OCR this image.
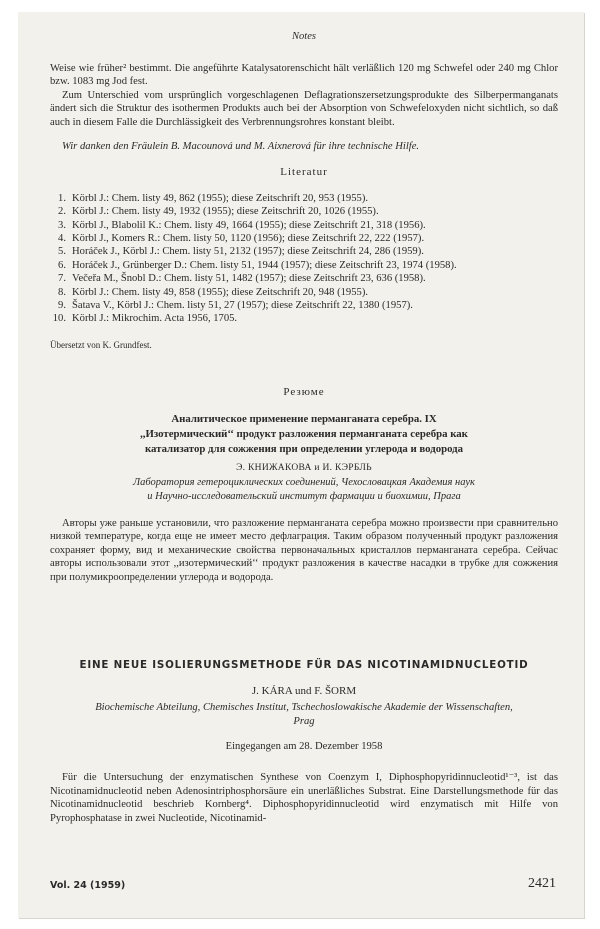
Notes

Weise wie früher² bestimmt. Die angeführte Katalysatorenschicht hält verläßlich 120 mg Schwefel oder 240 mg Chlor bzw. 1083 mg Jod fest.

Zum Unterschied vom ursprünglich vorgeschlagenen Deflagrationszersetzungsprodukte des Silberpermanganats ändert sich die Struktur des isothermen Produkts auch bei der Absorption von Schwefeloxyden nicht sichtlich, so daß auch in diesem Falle die Durchlässigkeit des Verbrennungsrohres konstant bleibt.

Wir danken den Fräulein B. Macounová und M. Aixnerová für ihre technische Hilfe.

Literatur
1. Körbl J.: Chem. listy 49, 862 (1955); diese Zeitschrift 20, 953 (1955).
2. Körbl J.: Chem. listy 49, 1932 (1955); diese Zeitschrift 20, 1026 (1955).
3. Körbl J., Blabolil K.: Chem. listy 49, 1664 (1955); diese Zeitschrift 21, 318 (1956).
4. Körbl J., Komers R.: Chem. listy 50, 1120 (1956); diese Zeitschrift 22, 222 (1957).
5. Horáček J., Körbl J.: Chem. listy 51, 2132 (1957); diese Zeitschrift 24, 286 (1959).
6. Horáček J., Grünberger D.: Chem. listy 51, 1944 (1957); diese Zeitschrift 23, 1974 (1958).
7. Večeřa M., Šnobl D.: Chem. listy 51, 1482 (1957); diese Zeitschrift 23, 636 (1958).
8. Körbl J.: Chem. listy 49, 858 (1955); diese Zeitschrift 20, 948 (1955).
9. Šatava V., Körbl J.: Chem. listy 51, 27 (1957); diese Zeitschrift 22, 1380 (1957).
10. Körbl J.: Mikrochim. Acta 1956, 1705.
Übersetzt von K. Grundfest.
Резюме
Аналитическое применение перманганата серебра. IX
,,Изотермический‘‘ продукт разложения перманганата серебра как
катализатор для сожжения при определении углерода и водорода
Э. КНИЖАКОВА и И. КЭРБЛЬ
Лаборатория гетероциклических соединений, Чехословацкая Академия наук
и Научно-исследовательский институт фармации и биохимии, Прага

Авторы уже раньше установили, что разложение перманганата серебра можно произвести при сравнительно низкой температуре, когда еще не имеет место дефлаграция. Таким образом полученный продукт разложения сохраняет форму, вид и механические свойства первоначальных кристаллов перманганата серебра. Сейчас авторы использовали этот ,,изотермический‘‘ продукт разложения в качестве насадки в трубке для сожжения при полумикроопределении углерода и водорода.

EINE NEUE ISOLIERUNGSMETHODE FÜR DAS NICOTINAMIDNUCLEOTID
J. KÁRA und F. ŠORM
Biochemische Abteilung, Chemisches Institut, Tschechoslowakische Akademie der Wissenschaften,
Prag
Eingegangen am 28. Dezember 1958

Für die Untersuchung der enzymatischen Synthese von Coenzym I, Diphosphopyridinnucleotid¹⁻³, ist das Nicotinamidnucleotid neben Adenosintriphosphorsäure ein unerläßliches Substrat. Eine Darstellungsmethode für das Nicotinamidnucleotid beschrieb Kornberg⁴. Diphosphopyridinnucleotid wird enzymatisch mit Hilfe von Pyrophosphatase in zwei Nucleotide, Nicotinamid-

Vol. 24 (1959)	2421
